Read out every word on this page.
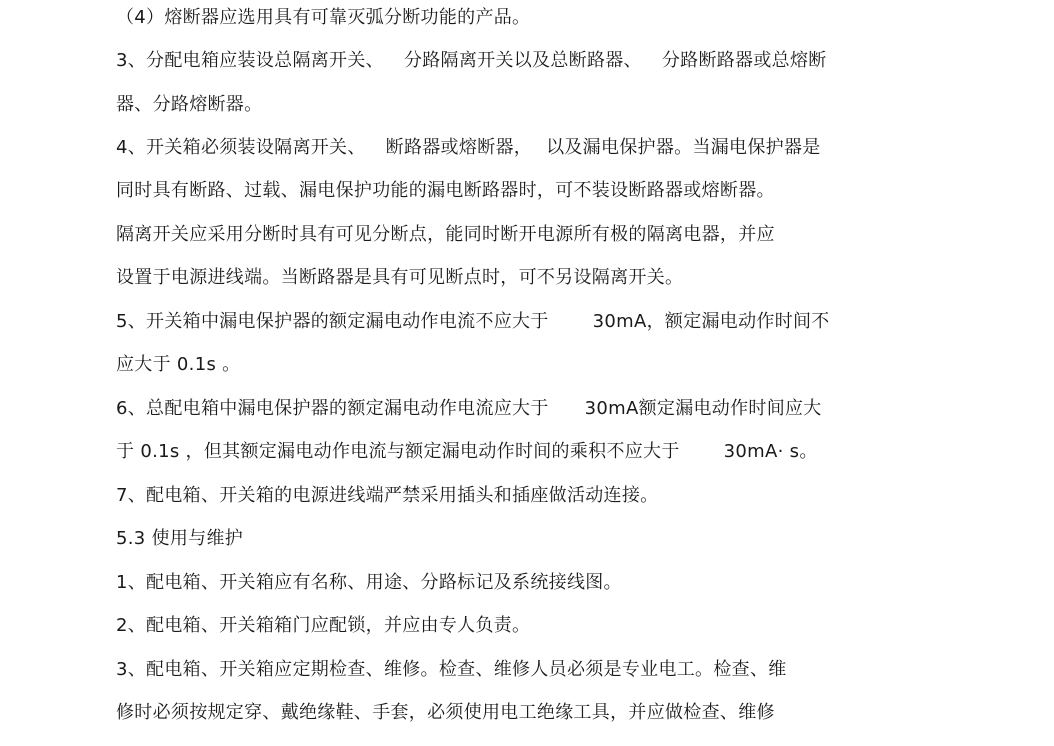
（4）熔断器应选用具有可靠灭弧分断功能的产品。
3、分配电箱应装设总隔离开关、 分路隔离开关以及总断路器、 分路断路器或总熔断
器、分路熔断器。
4、开关箱必须装设隔离开关、 断路器或熔断器， 以及漏电保护器。当漏电保护器是
同时具有断路、过载、漏电保护功能的漏电断路器时，可不装设断路器或熔断器。
隔离开关应采用分断时具有可见分断点，能同时断开电源所有极的隔离电器，并应
设置于电源进线端。当断路器是具有可见断点时，可不另设隔离开关。
5、开关箱中漏电保护器的额定漏电动作电流不应大于 30mA，额定漏电动作时间不
应大于 0.1s 。
6、总配电箱中漏电保护器的额定漏电动作电流应大于 30mA额定漏电动作时间应大
于 0.1s ，但其额定漏电动作电流与额定漏电动作时间的乘积不应大于 30mA· s。
7、配电箱、开关箱的电源进线端严禁采用插头和插座做活动连接。
5.3 使用与维护
1、配电箱、开关箱应有名称、用途、分路标记及系统接线图。
2、配电箱、开关箱箱门应配锁，并应由专人负责。
3、配电箱、开关箱应定期检查、维修。检查、维修人员必须是专业电工。检查、维
修时必须按规定穿、戴绝缘鞋、手套，必须使用电工绝缘工具，并应做检查、维修
